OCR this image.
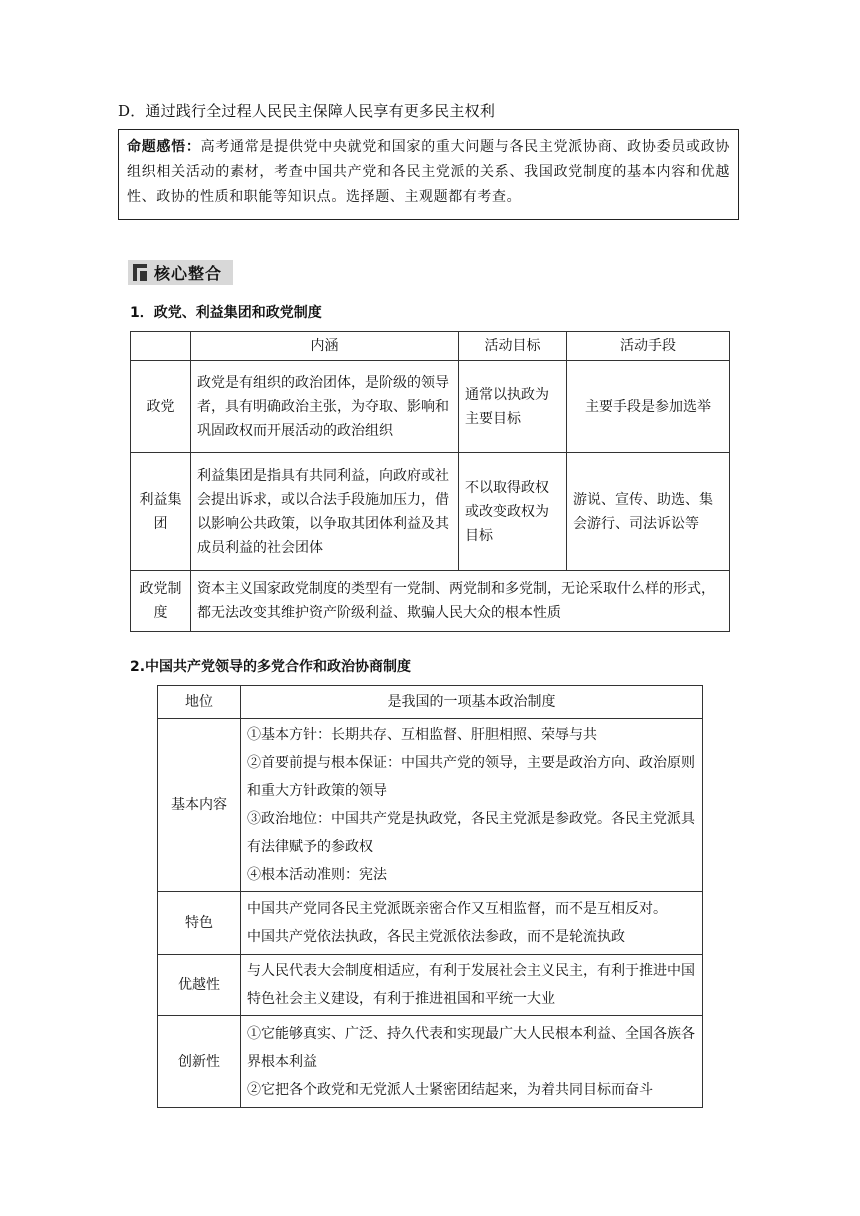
D．通过践行全过程人民民主保障人民享有更多民主权利
命题感悟：高考通常是提供党中央就党和国家的重大问题与各民主党派协商、政协委员或政协组织相关活动的素材，考查中国共产党和各民主党派的关系、我国政党制度的基本内容和优越性、政协的性质和职能等知识点。选择题、主观题都有考查。
核心整合
1．政党、利益集团和政党制度
	内涵	活动目标	活动手段
政党	政党是有组织的政治团体，是阶级的领导者，具有明确政治主张，为夺取、影响和巩固政权而开展活动的政治组织	通常以执政为主要目标	主要手段是参加选举
利益集团	利益集团是指具有共同利益，向政府或社会提出诉求，或以合法手段施加压力，借以影响公共政策，以争取其团体利益及其成员利益的社会团体	不以取得政权或改变政权为目标	游说、宣传、助选、集会游行、司法诉讼等
政党制度	资本主义国家政党制度的类型有一党制、两党制和多党制，无论采取什么样的形式，都无法改变其维护资产阶级利益、欺骗人民大众的根本性质		
2.中国共产党领导的多党合作和政治协商制度
地位	是我国的一项基本政治制度
基本内容	①基本方针：长期共存、互相监督、肝胆相照、荣辱与共
②首要前提与根本保证：中国共产党的领导，主要是政治方向、政治原则和重大方针政策的领导
③政治地位：中国共产党是执政党，各民主党派是参政党。各民主党派具有法律赋予的参政权
④根本活动准则：宪法

特色	中国共产党同各民主党派既亲密合作又互相监督，而不是互相反对。
中国共产党依法执政，各民主党派依法参政，而不是轮流执政

优越性	与人民代表大会制度相适应，有利于发展社会主义民主，有利于推进中国特色社会主义建设，有利于推进祖国和平统一大业
创新性	①它能够真实、广泛、持久代表和实现最广大人民根本利益、全国各族各界根本利益
②它把各个政党和无党派人士紧密团结起来，为着共同目标而奋斗
